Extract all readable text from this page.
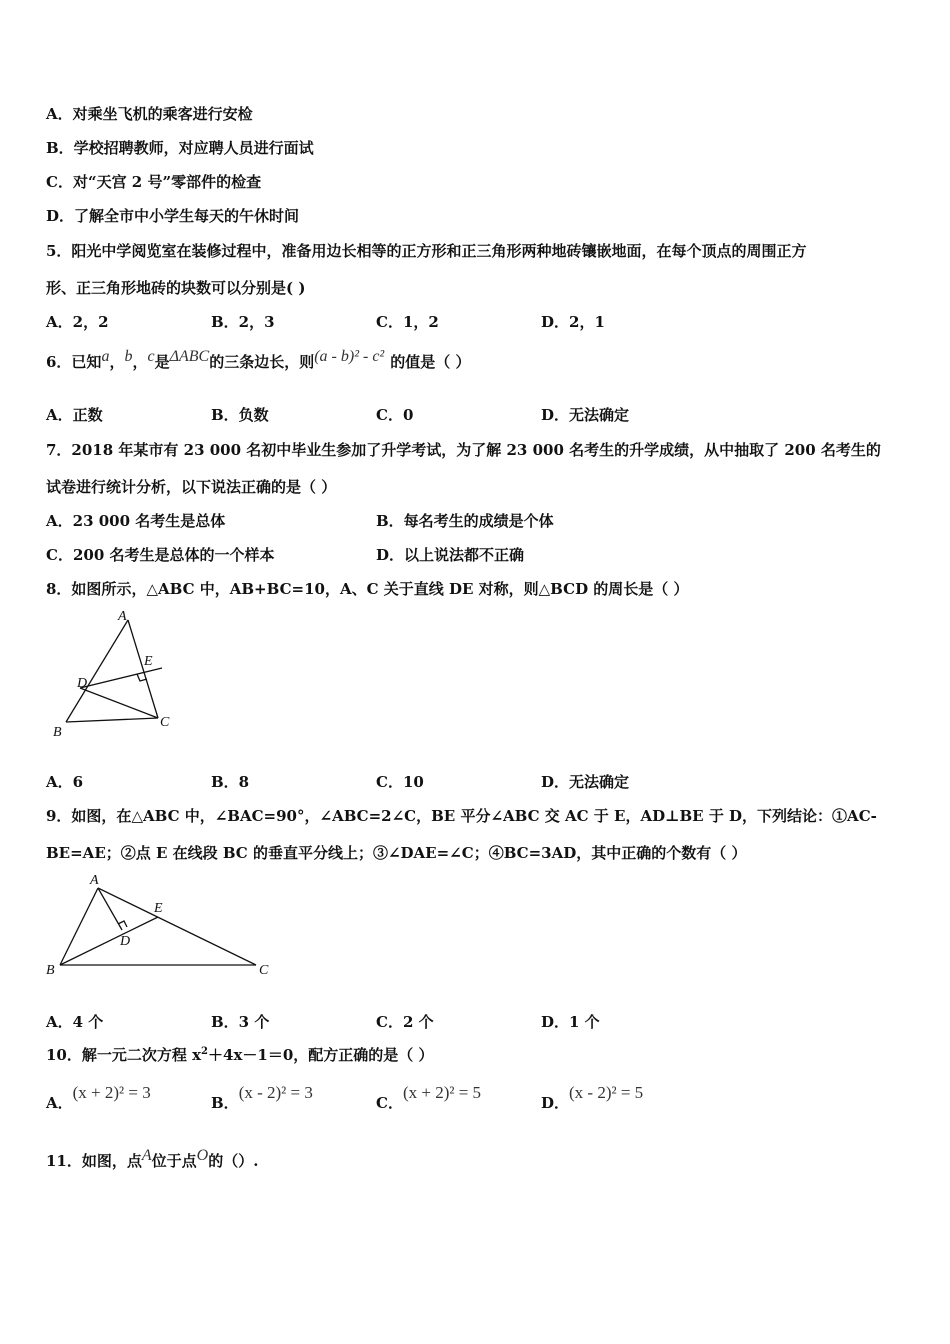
A．对乘坐飞机的乘客进行安检
B．学校招聘教师，对应聘人员进行面试
C．对“天宫 2 号”零部件的检查
D．了解全市中小学生每天的午休时间
5．阳光中学阅览室在装修过程中，准备用边长相等的正方形和正三角形两种地砖镶嵌地面，在每个顶点的周围正方
形、正三角形地砖的块数可以分别是( )
A．2，2	B．2，3	C．1，2	D．2，1
6．已知a，b，c是ΔABC的三条边长，则(a - b)² - c² 的值是（ ）
A．正数	B．负数	C．0	D．无法确定
7．2018 年某市有 23 000 名初中毕业生参加了升学考试，为了解 23 000 名考生的升学成绩，从中抽取了 200 名考生的
试卷进行统计分析，以下说法正确的是（ ）
A．23 000 名考生是总体	B．每名考生的成绩是个体
C．200 名考生是总体的一个样本	D．以上说法都不正确
8．如图所示，△ABC 中，AB+BC=10，A、C 关于直线 DE 对称，则△BCD 的周长是（ ）
A
E
D
B
C
A．6	B．8	C．10	D．无法确定
9．如图，在△ABC 中，∠BAC=90°，∠ABC=2∠C，BE 平分∠ABC 交 AC 于 E，AD⊥BE 于 D，下列结论：①AC-
BE=AE；②点 E 在线段 BC 的垂直平分线上；③∠DAE=∠C；④BC=3AD，其中正确的个数有（ ）
A
E
D
B	C
A．4 个	B．3 个	C．2 个	D．1 个
10．解一元二次方程 $x^2+4x-1=0$，配方正确的是（ ）
A．(x + 2)² = 3
B．(x - 2)² = 3
C．(x + 2)² = 5
D．(x - 2)² = 5
11．如图，点A位于点O的（）.
